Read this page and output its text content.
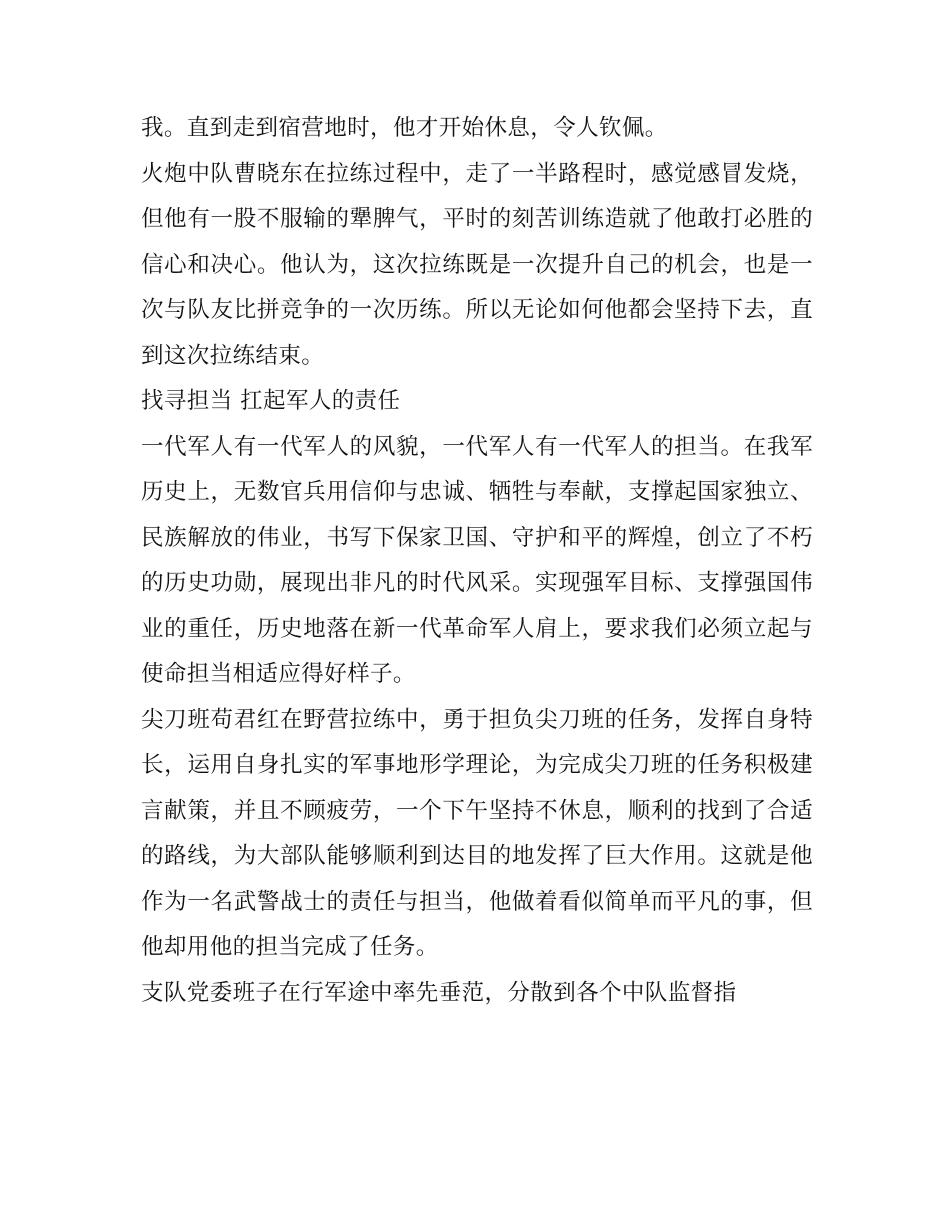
我。直到走到宿营地时，他才开始休息，令人钦佩。

火炮中队曹晓东在拉练过程中，走了一半路程时，感觉感冒发烧，但他有一股不服输的犟脾气，平时的刻苦训练造就了他敢打必胜的信心和决心。他认为，这次拉练既是一次提升自己的机会，也是一次与队友比拼竞争的一次历练。所以无论如何他都会坚持下去，直到这次拉练结束。

找寻担当 扛起军人的责任

一代军人有一代军人的风貌，一代军人有一代军人的担当。在我军历史上，无数官兵用信仰与忠诚、牺牲与奉献，支撑起国家独立、民族解放的伟业，书写下保家卫国、守护和平的辉煌，创立了不朽的历史功勋，展现出非凡的时代风采。实现强军目标、支撑强国伟业的重任，历史地落在新一代革命军人肩上，要求我们必须立起与使命担当相适应得好样子。

尖刀班苟君红在野营拉练中，勇于担负尖刀班的任务，发挥自身特长，运用自身扎实的军事地形学理论，为完成尖刀班的任务积极建言献策，并且不顾疲劳，一个下午坚持不休息，顺利的找到了合适的路线，为大部队能够顺利到达目的地发挥了巨大作用。这就是他作为一名武警战士的责任与担当，他做着看似简单而平凡的事，但他却用他的担当完成了任务。

支队党委班子在行军途中率先垂范，分散到各个中队监督指
